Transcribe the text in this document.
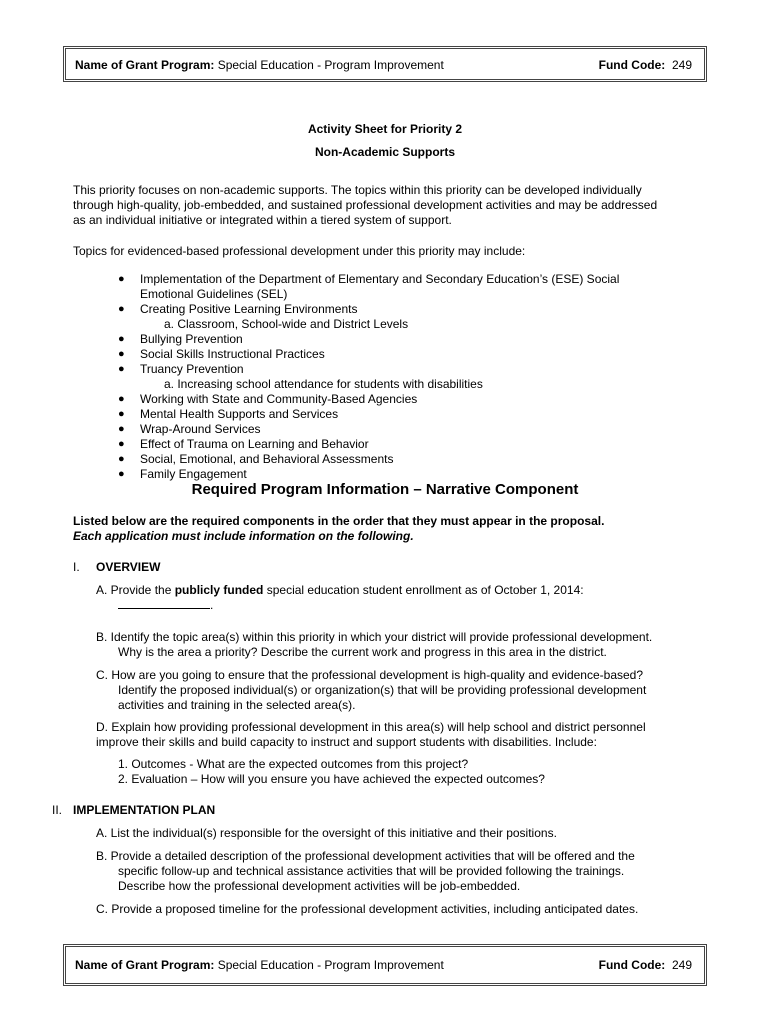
Name of Grant Program: Special Education - Program Improvement	Fund Code: 249
Activity Sheet for Priority 2
Non-Academic Supports
This priority focuses on non-academic supports. The topics within this priority can be developed individually
through high-quality, job-embedded, and sustained professional development activities and may be addressed
as an individual initiative or integrated within a tiered system of support.
Topics for evidenced-based professional development under this priority may include:
● Implementation of the Department of Elementary and Secondary Education’s (ESE) Social
Emotional Guidelines (SEL)
● Creating Positive Learning Environments
a. Classroom, School-wide and District Levels
● Bullying Prevention
● Social Skills Instructional Practices
● Truancy Prevention
a. Increasing school attendance for students with disabilities
● Working with State and Community-Based Agencies
● Mental Health Supports and Services
● Wrap-Around Services
● Effect of Trauma on Learning and Behavior
● Social, Emotional, and Behavioral Assessments
● Family Engagement
Required Program Information – Narrative Component
Listed below are the required components in the order that they must appear in the proposal.
Each application must include information on the following.
I. OVERVIEW
A. Provide the publicly funded special education student enrollment as of October 1, 2014:
.
B. Identify the topic area(s) within this priority in which your district will provide professional development.
Why is the area a priority? Describe the current work and progress in this area in the district.
C. How are you going to ensure that the professional development is high-quality and evidence-based?
Identify the proposed individual(s) or organization(s) that will be providing professional development
activities and training in the selected area(s).
D. Explain how providing professional development in this area(s) will help school and district personnel
improve their skills and build capacity to instruct and support students with disabilities. Include:
1. Outcomes - What are the expected outcomes from this project?
2. Evaluation – How will you ensure you have achieved the expected outcomes?
II. IMPLEMENTATION PLAN
A. List the individual(s) responsible for the oversight of this initiative and their positions.
B. Provide a detailed description of the professional development activities that will be offered and the
specific follow-up and technical assistance activities that will be provided following the trainings.
Describe how the professional development activities will be job-embedded.
C. Provide a proposed timeline for the professional development activities, including anticipated dates.
Name of Grant Program: Special Education - Program Improvement	Fund Code: 249
